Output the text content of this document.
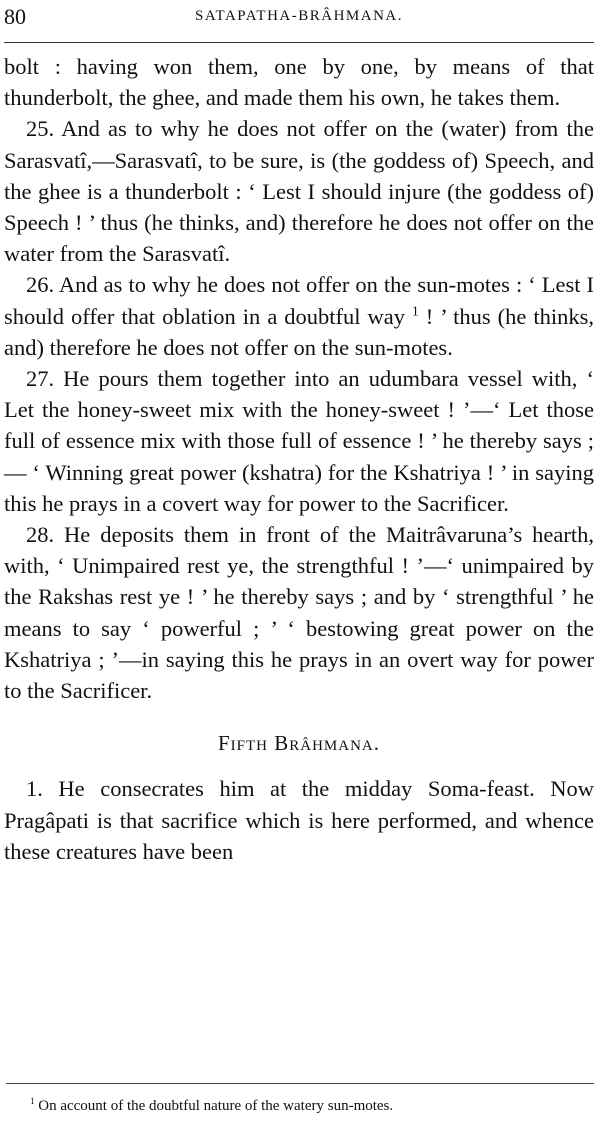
80	SATAPATHA-BRÂHMANA.

bolt : having won them, one by one, by means of that thunderbolt, the ghee, and made them his own, he takes them.

25. And as to why he does not offer on the (water) from the Sarasvatî,—Sarasvatî, to be sure, is (the goddess of) Speech, and the ghee is a thunderbolt : ‘ Lest I should injure (the goddess of) Speech ! ’ thus (he thinks, and) therefore he does not offer on the water from the Sarasvatî.

26. And as to why he does not offer on the sun-motes : ‘ Lest I should offer that oblation in a doubtful way $^1$ ! ’ thus (he thinks, and) therefore he does not offer on the sun-motes.

27. He pours them together into an udumbara vessel with, ‘ Let the honey-sweet mix with the honey-sweet ! ’—‘ Let those full of essence mix with those full of essence ! ’ he thereby says ;— ‘ Winning great power (kshatra) for the Kshatriya ! ’ in saying this he prays in a covert way for power to the Sacrificer.

28. He deposits them in front of the Maitrâvaruna’s hearth, with, ‘ Unimpaired rest ye, the strengthful ! ’—‘ unimpaired by the Rakshas rest ye ! ’ he thereby says ; and by ‘ strengthful ’ he means to say ‘ powerful ; ’ ‘ bestowing great power on the Kshatriya ; ’—in saying this he prays in an overt way for power to the Sacrificer.

Fifth Brâhmana.

1. He consecrates him at the midday Soma-feast. Now Pragâpati is that sacrifice which is here performed, and whence these creatures have been

$^1$ On account of the doubtful nature of the watery sun-motes.
